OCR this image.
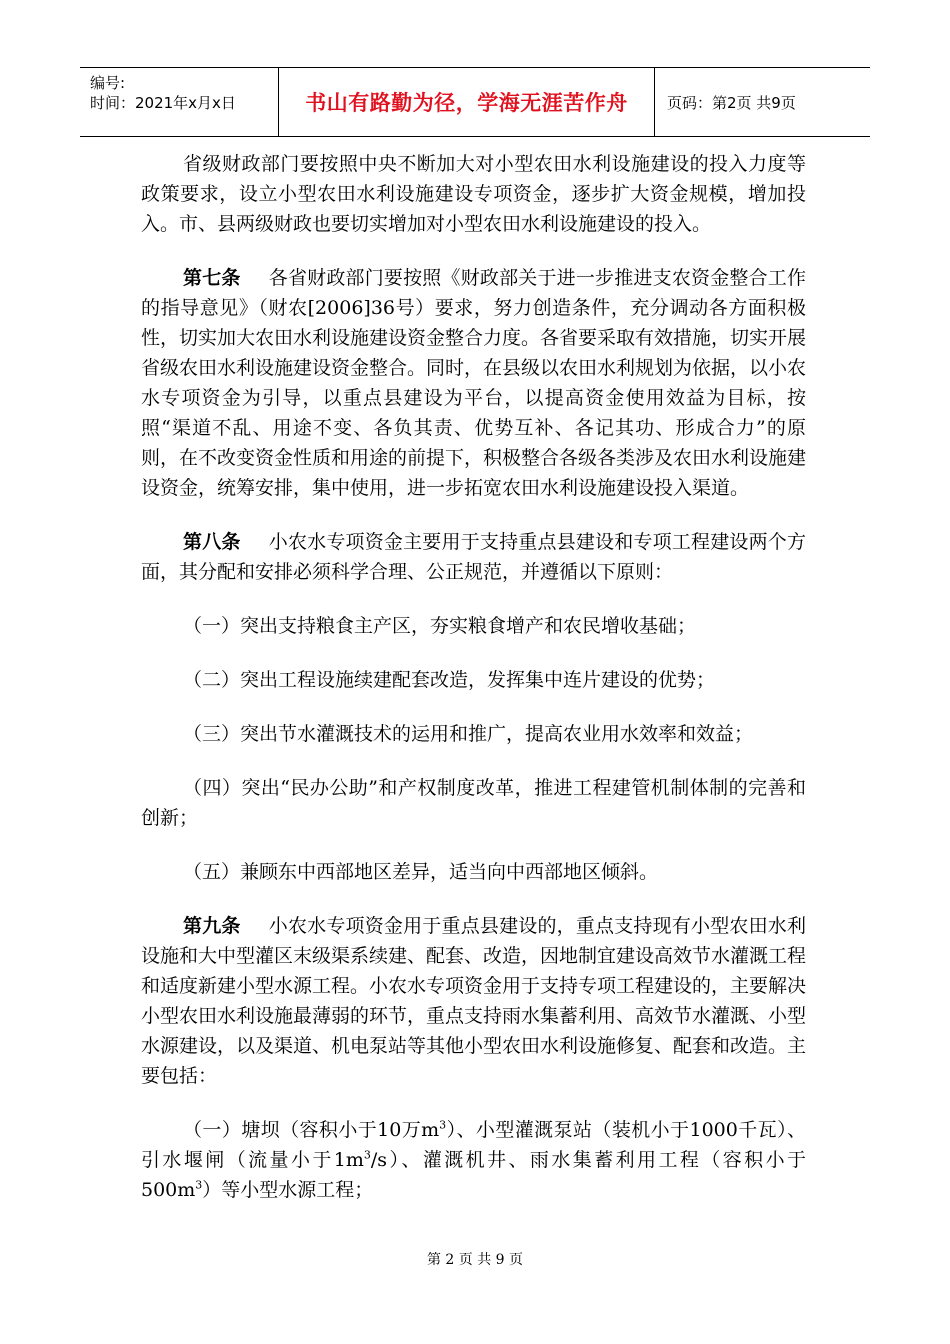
编号:
时间：2021年x月x日	书山有路勤为径，学海无涯苦作舟	页码：第2页 共9页

省级财政部门要按照中央不断加大对小型农田水利设施建设的投入力度等政策要求，设立小型农田水利设施建设专项资金，逐步扩大资金规模，增加投入。市、县两级财政也要切实增加对小型农田水利设施建设的投入。

第七条 各省财政部门要按照《财政部关于进一步推进支农资金整合工作的指导意见》（财农[2006]36号）要求，努力创造条件，充分调动各方面积极性，切实加大农田水利设施建设资金整合力度。各省要采取有效措施，切实开展省级农田水利设施建设资金整合。同时，在县级以农田水利规划为依据，以小农水专项资金为引导，以重点县建设为平台，以提高资金使用效益为目标，按照“渠道不乱、用途不变、各负其责、优势互补、各记其功、形成合力”的原则，在不改变资金性质和用途的前提下，积极整合各级各类涉及农田水利设施建设资金，统筹安排，集中使用，进一步拓宽农田水利设施建设投入渠道。

第八条 小农水专项资金主要用于支持重点县建设和专项工程建设两个方面，其分配和安排必须科学合理、公正规范，并遵循以下原则：

（一）突出支持粮食主产区，夯实粮食增产和农民增收基础；

（二）突出工程设施续建配套改造，发挥集中连片建设的优势；

（三）突出节水灌溉技术的运用和推广，提高农业用水效率和效益；

（四）突出“民办公助”和产权制度改革，推进工程建管机制体制的完善和创新；

（五）兼顾东中西部地区差异，适当向中西部地区倾斜。

第九条 小农水专项资金用于重点县建设的，重点支持现有小型农田水利设施和大中型灌区末级渠系续建、配套、改造，因地制宜建设高效节水灌溉工程和适度新建小型水源工程。小农水专项资金用于支持专项工程建设的，主要解决小型农田水利设施最薄弱的环节，重点支持雨水集蓄利用、高效节水灌溉、小型水源建设，以及渠道、机电泵站等其他小型农田水利设施修复、配套和改造。主要包括：

（一）塘坝（容积小于10万$m^3$）、小型灌溉泵站（装机小于1000千瓦）、引水堰闸（流量小于$1m^3/s$）、灌溉机井、雨水集蓄利用工程（容积小于$500m^3$）等小型水源工程；

第 2 页 共 9 页
